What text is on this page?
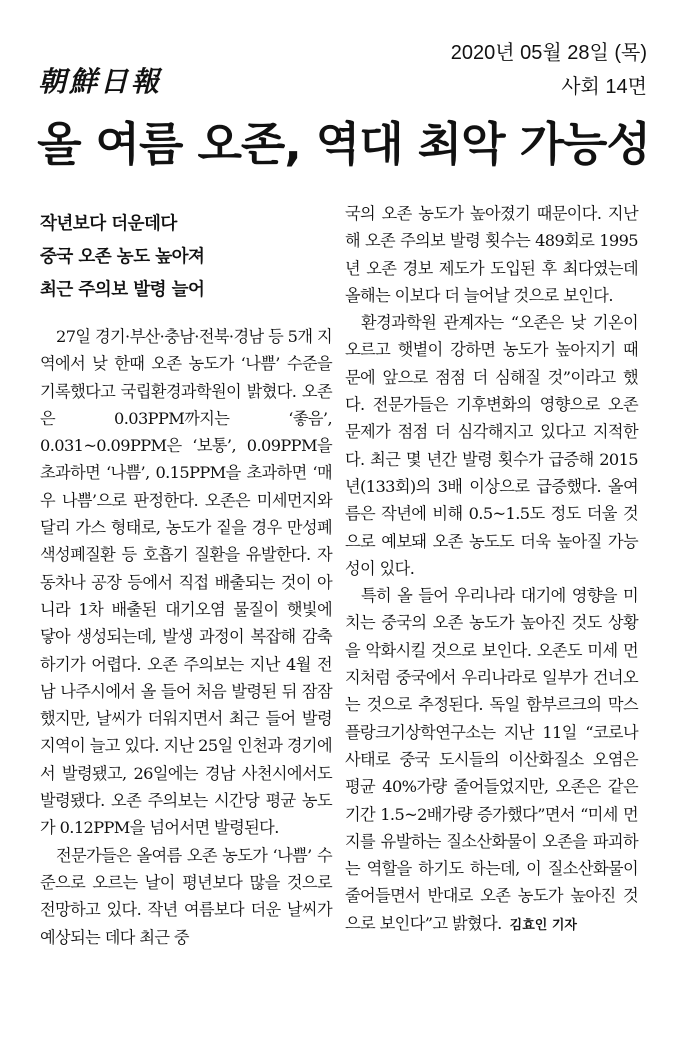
朝鮮日報
2020년 05월 28일 (목)
사회 14면
올 여름 오존, 역대 최악 가능성
작년보다 더운데다
중국 오존 농도 높아져
최근 주의보 발령 늘어

27일 경기·부산·충남·전북·경남 등 5개 지역에서 낮 한때 오존 농도가 ‘나쁨’ 수준을 기록했다고 국립환경과학원이 밝혔다. 오존은 0.03PPM까지는 ‘좋음’, 0.031~0.09PPM은 ‘보통’, 0.09PPM을 초과하면 ‘나쁨’, 0.15PPM을 초과하면 ‘매우 나쁨’으로 판정한다. 오존은 미세먼지와 달리 가스 형태로, 농도가 짙을 경우 만성폐색성폐질환 등 호흡기 질환을 유발한다. 자동차나 공장 등에서 직접 배출되는 것이 아니라 1차 배출된 대기오염 물질이 햇빛에 닿아 생성되는데, 발생 과정이 복잡해 감축하기가 어렵다. 오존 주의보는 지난 4월 전남 나주시에서 올 들어 처음 발령된 뒤 잠잠했지만, 날씨가 더워지면서 최근 들어 발령 지역이 늘고 있다. 지난 25일 인천과 경기에서 발령됐고, 26일에는 경남 사천시에서도 발령됐다. 오존 주의보는 시간당 평균 농도가 0.12PPM을 넘어서면 발령된다.

전문가들은 올여름 오존 농도가 ‘나쁨’ 수준으로 오르는 날이 평년보다 많을 것으로 전망하고 있다. 작년 여름보다 더운 날씨가 예상되는 데다 최근 중

국의 오존 농도가 높아졌기 때문이다. 지난해 오존 주의보 발령 횟수는 489회로 1995년 오존 경보 제도가 도입된 후 최다였는데 올해는 이보다 더 늘어날 것으로 보인다.

환경과학원 관계자는 “오존은 낮 기온이 오르고 햇볕이 강하면 농도가 높아지기 때문에 앞으로 점점 더 심해질 것”이라고 했다. 전문가들은 기후변화의 영향으로 오존 문제가 점점 더 심각해지고 있다고 지적한다. 최근 몇 년간 발령 횟수가 급증해 2015년(133회)의 3배 이상으로 급증했다. 올여름은 작년에 비해 0.5~1.5도 정도 더울 것으로 예보돼 오존 농도도 더욱 높아질 가능성이 있다.

특히 올 들어 우리나라 대기에 영향을 미치는 중국의 오존 농도가 높아진 것도 상황을 악화시킬 것으로 보인다. 오존도 미세 먼지처럼 중국에서 우리나라로 일부가 건너오는 것으로 추정된다. 독일 함부르크의 막스플랑크기상학연구소는 지난 11일 “코로나 사태로 중국 도시들의 이산화질소 오염은 평균 40%가량 줄어들었지만, 오존은 같은 기간 1.5~2배가량 증가했다”면서 “미세 먼지를 유발하는 질소산화물이 오존을 파괴하는 역할을 하기도 하는데, 이 질소산화물이 줄어들면서 반대로 오존 농도가 높아진 것으로 보인다”고 밝혔다. 김효인 기자
